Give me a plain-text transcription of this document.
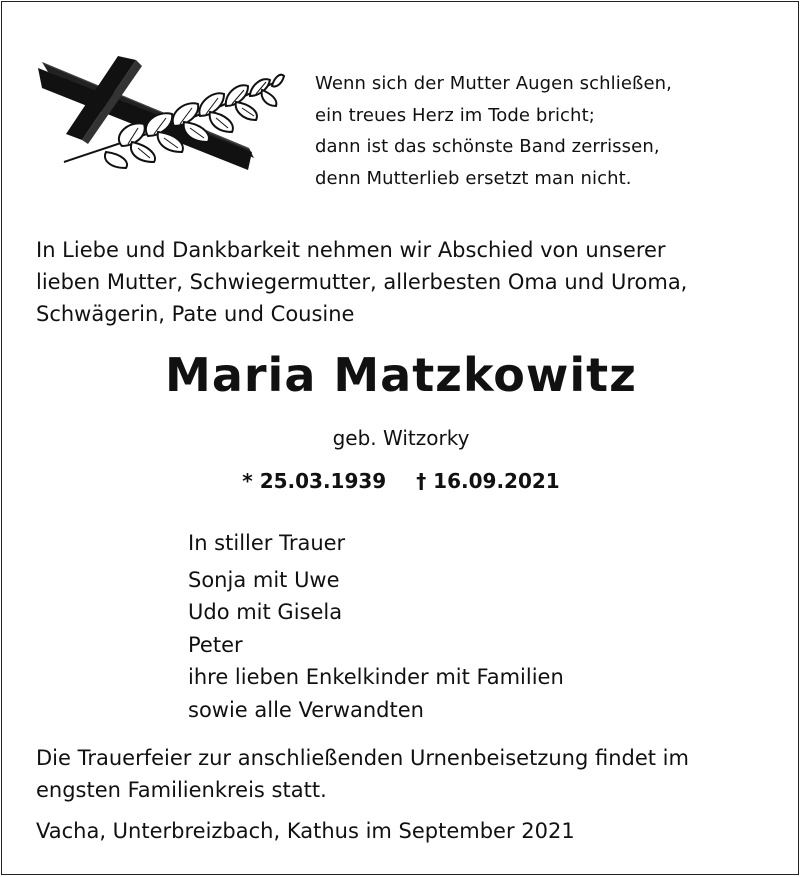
Wenn sich der Mutter Augen schließen,
ein treues Herz im Tode bricht;
dann ist das schönste Band zerrissen,
denn Mutterlieb ersetzt man nicht.
In Liebe und Dankbarkeit nehmen wir Abschied von unserer
lieben Mutter, Schwiegermutter, allerbesten Oma und Uroma,
Schwägerin, Pate und Cousine
Maria Matzkowitz
geb. Witzorky
* 25.03.1939 † 16.09.2021
In stiller Trauer
Sonja mit Uwe
Udo mit Gisela
Peter
ihre lieben Enkelkinder mit Familien
sowie alle Verwandten
Die Trauerfeier zur anschließenden Urnenbeisetzung findet im
engsten Familienkreis statt.
Vacha, Unterbreizbach, Kathus im September 2021
